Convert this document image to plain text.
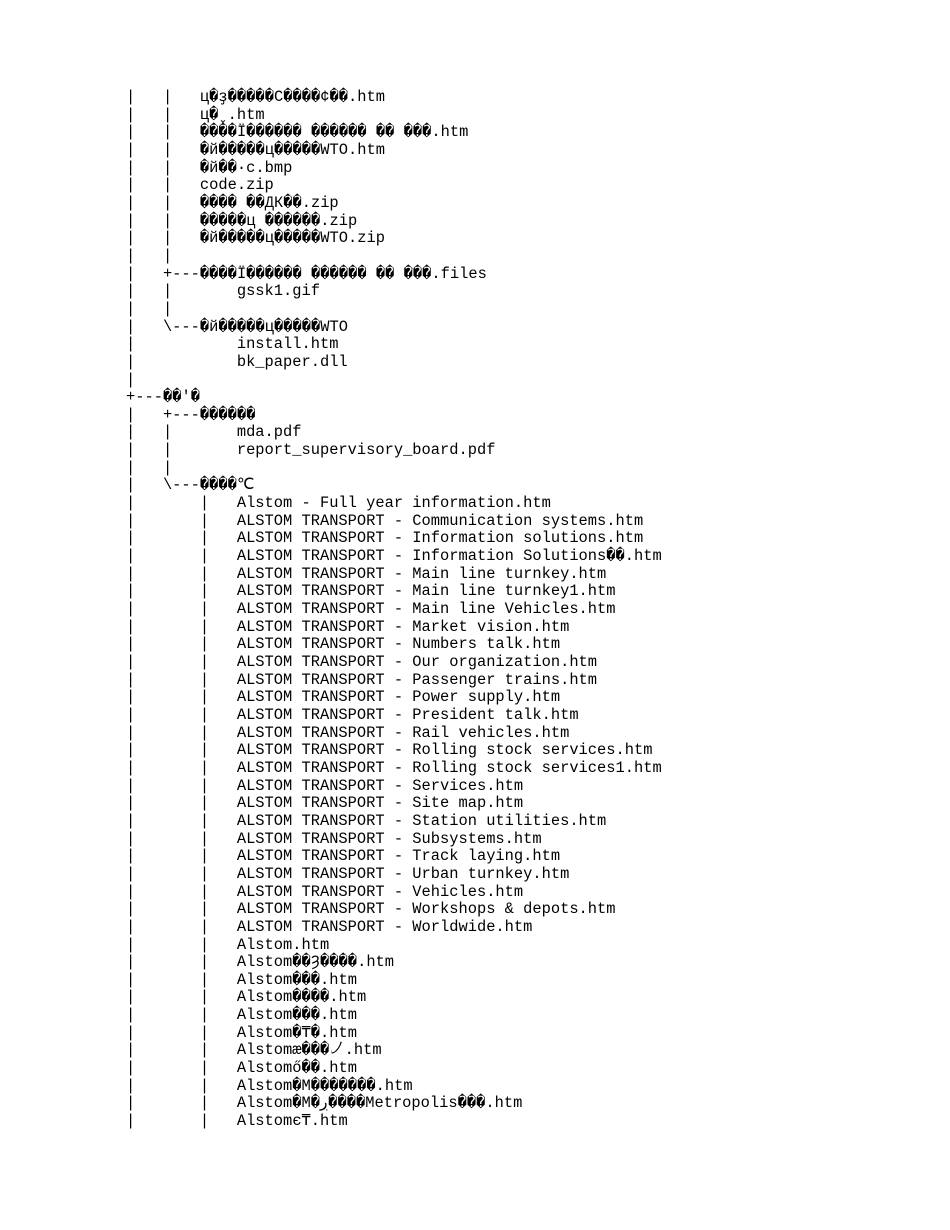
|   |   ц�ҙ�����С����¢��.htm
|   |   ц�ˬ.htm
|   |   ����Ї������ ������ �� ���.htm
|   |   �й�����ц�����WTO.htm
|   |   �й��·с.bmp
|   |   code.zip
|   |   ���� ��ДК��.zip
|   |   �����ц ������.zip
|   |   �й�����ц�����WTO.zip
|   |
|   +---����Ї������ ������ �� ���.files
|   |       gssk1.gif
|   |
|   \---�й�����ц�����WTO
|           install.htm
|           bk_paper.dll
|
+---��'�
|   +---������
|   |       mda.pdf
|   |       report_supervisory_board.pdf
|   |
|   \---����℃
|       |   Alstom - Full year information.htm
|       |   ALSTOM TRANSPORT - Communication systems.htm
|       |   ALSTOM TRANSPORT - Information solutions.htm
|       |   ALSTOM TRANSPORT - Information Solutions��.htm
|       |   ALSTOM TRANSPORT - Main line turnkey.htm
|       |   ALSTOM TRANSPORT - Main line turnkey1.htm
|       |   ALSTOM TRANSPORT - Main line Vehicles.htm
|       |   ALSTOM TRANSPORT - Market vision.htm
|       |   ALSTOM TRANSPORT - Numbers talk.htm
|       |   ALSTOM TRANSPORT - Our organization.htm
|       |   ALSTOM TRANSPORT - Passenger trains.htm
|       |   ALSTOM TRANSPORT - Power supply.htm
|       |   ALSTOM TRANSPORT - President talk.htm
|       |   ALSTOM TRANSPORT - Rail vehicles.htm
|       |   ALSTOM TRANSPORT - Rolling stock services.htm
|       |   ALSTOM TRANSPORT - Rolling stock services1.htm
|       |   ALSTOM TRANSPORT - Services.htm
|       |   ALSTOM TRANSPORT - Site map.htm
|       |   ALSTOM TRANSPORT - Station utilities.htm
|       |   ALSTOM TRANSPORT - Subsystems.htm
|       |   ALSTOM TRANSPORT - Track laying.htm
|       |   ALSTOM TRANSPORT - Urban turnkey.htm
|       |   ALSTOM TRANSPORT - Vehicles.htm
|       |   ALSTOM TRANSPORT - Workshops & depots.htm
|       |   ALSTOM TRANSPORT - Worldwide.htm
|       |   Alstom.htm
|       |   Alstom��Ȝ����.htm
|       |   Alstom���.htm
|       |   Alstom����.htm
|       |   Alstom���.htm
|       |   Alstom�₸�.htm
|       |   Alstomæ���㇢.htm
|       |   Alstomő��.htm
|       |   Alstom�M�������.htm
|       |   Alstom�M�ڔ����Metropolis���.htm
|       |   Alstomє₸.htm
